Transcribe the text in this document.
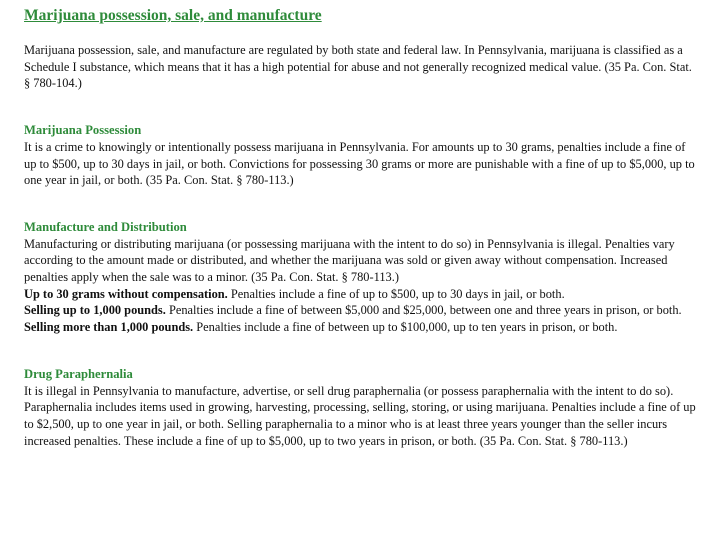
Marijuana possession, sale, and manufacture

Marijuana possession, sale, and manufacture are regulated by both state and federal law. In Pennsylvania, marijuana is classified as a Schedule I substance, which means that it has a high potential for abuse and not generally recognized medical value. (35 Pa. Con. Stat. § 780-104.)

Marijuana Possession

It is a crime to knowingly or intentionally possess marijuana in Pennsylvania. For amounts up to 30 grams, penalties include a fine of up to $500, up to 30 days in jail, or both. Convictions for possessing 30 grams or more are punishable with a fine of up to $5,000, up to one year in jail, or both. (35 Pa. Con. Stat. § 780-113.)

Manufacture and Distribution

Manufacturing or distributing marijuana (or possessing marijuana with the intent to do so) in Pennsylvania is illegal. Penalties vary according to the amount made or distributed, and whether the marijuana was sold or given away without compensation. Increased penalties apply when the sale was to a minor. (35 Pa. Con. Stat. § 780-113.)

Up to 30 grams without compensation. Penalties include a fine of up to $500, up to 30 days in jail, or both.

Selling up to 1,000 pounds. Penalties include a fine of between $5,000 and $25,000, between one and three years in prison, or both.

Selling more than 1,000 pounds. Penalties include a fine of between up to $100,000, up to ten years in prison, or both.

Drug Paraphernalia

It is illegal in Pennsylvania to manufacture, advertise, or sell drug paraphernalia (or possess paraphernalia with the intent to do so). Paraphernalia includes items used in growing, harvesting, processing, selling, storing, or using marijuana. Penalties include a fine of up to $2,500, up to one year in jail, or both. Selling paraphernalia to a minor who is at least three years younger than the seller incurs increased penalties. These include a fine of up to $5,000, up to two years in prison, or both. (35 Pa. Con. Stat. § 780-113.)
